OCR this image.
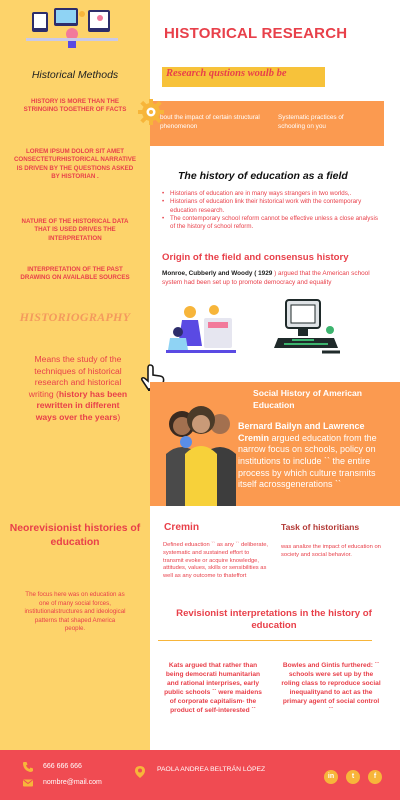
HISTORICAL RESEARCH
Historical Methods	Research qustions woulb be
HISTORY IS MORE THAN THE STRINGING TOGETHER OF FACTS
LOREM IPSUM DOLOR SIT AMET CONSECTETURHISTORICAL NARRATIVE IS DRIVEN BY THE QUESTIONS ASKED BY HISTORIAN .
NATURE OF THE HISTORICAL DATA THAT IS USED DRIVES THE INTERPRETATION
INTERPRETATION OF THE PAST DRAWING ON AVAILABLE SOURCES
bout the impact of certain structural phenomenon
Systematic practices of schooling on you
The history of education as a field
• Historians of education are in many ways strangers in two worlds,.
• Historians of education link their historical work with the contemporary education research.
• The contemporary school reform cannot be effective unless a close analysis of the history of school reform.
Origin of the field and consensus history
Monroe, Cubberly and Woody ( 1929 ) argued that the American school system had been set up to promote democracy and equality
HISTORIOGRAPHY
Means the study of the techniques of historical research and historical writing (history has been rewritten in different ways over the years)
Social History of American Education
Bernard Bailyn and Lawrence Cremin argued education from the narrow focus on schools, policy on institutions to include `` the entire process by which culture transmits itself acrossgenerations ``
Neorevisionist histories of education
The focus here was on education as one of many social forces, institutionalstructures and ideological patterns that shaped America people.
Cremin
Defined eduaction `` as any `` deliberate, systematic and sustained effort to transmit evoke or acquire knowledge, attitudes, values, skills or sensibilities as well as any outcome to thateffort
Task of historitians
was analize the impact of education on society and social behavior.
Revisionist interpretations in the history of education
Kats argued that rather than being democrati humanitarian and rational interprises, early public schools `` were maidens of corporate capitalism- the product of self-interested ``
Bowles and Gintis furthered: `` schools were set up by the roling class to reproduce social inequalityand to act as the primary agent of social control ``
666 666 666
nombre@mail.com
PAOLA ANDREA BELTRÁN LÓPEZ
in	t	f
